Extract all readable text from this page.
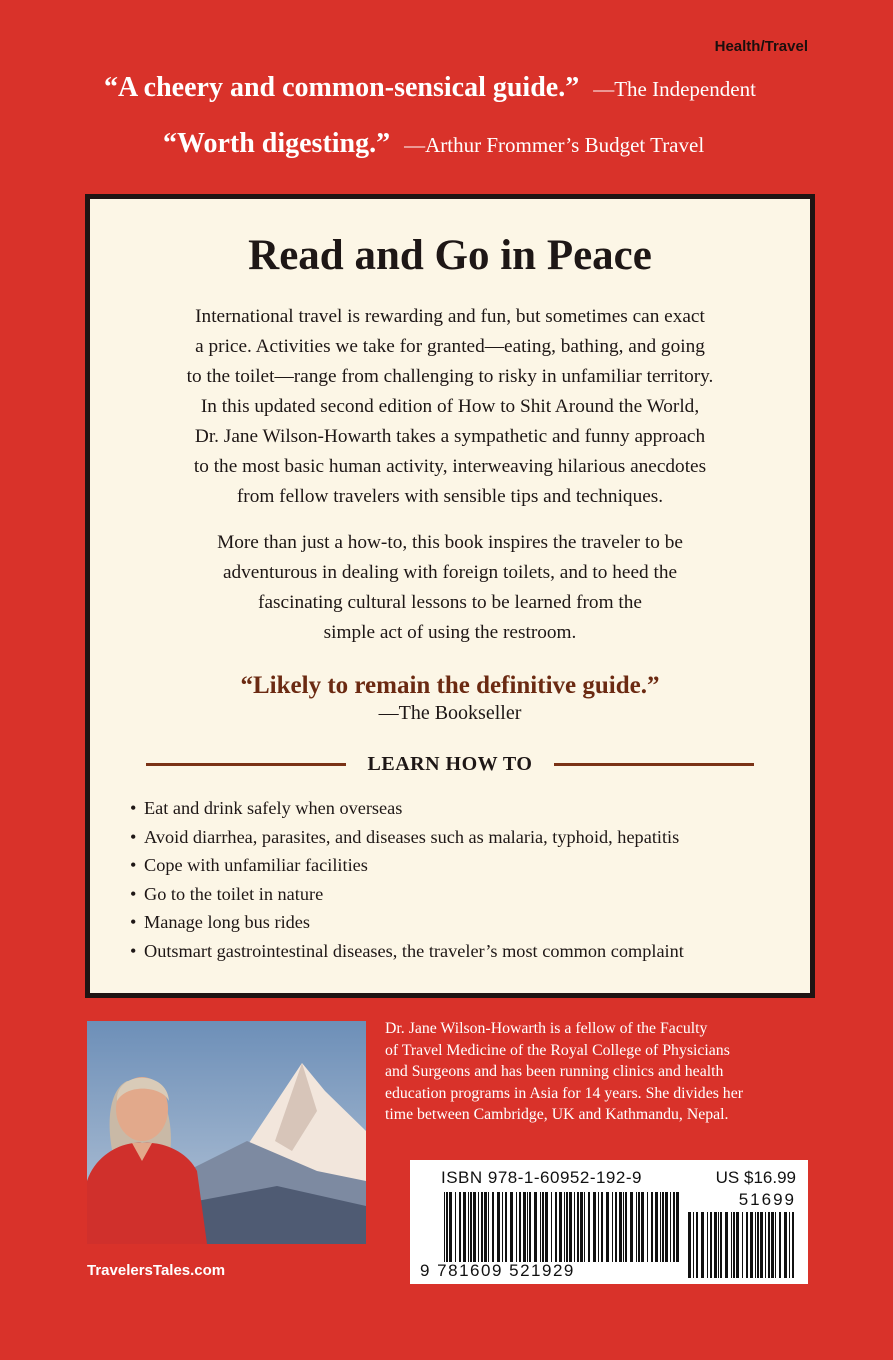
Health/Travel
“A cheery and common-sensical guide.” —The Independent
“Worth digesting.” —Arthur Frommer’s Budget Travel
Read and Go in Peace
International travel is rewarding and fun, but sometimes can exact
a price. Activities we take for granted—eating, bathing, and going
to the toilet—range from challenging to risky in unfamiliar territory.
In this updated second edition of How to Shit Around the World,
Dr. Jane Wilson-Howarth takes a sympathetic and funny approach
to the most basic human activity, interweaving hilarious anecdotes
from fellow travelers with sensible tips and techniques.
More than just a how-to, this book inspires the traveler to be
adventurous in dealing with foreign toilets, and to heed the
fascinating cultural lessons to be learned from the
simple act of using the restroom.
“Likely to remain the definitive guide.”
—The Bookseller
LEARN HOW TO
• Eat and drink safely when overseas
• Avoid diarrhea, parasites, and diseases such as malaria, typhoid, hepatitis
• Cope with unfamiliar facilities
• Go to the toilet in nature
• Manage long bus rides
• Outsmart gastrointestinal diseases, the traveler’s most common complaint
Dr. Jane Wilson-Howarth is a fellow of the Faculty
of Travel Medicine of the Royal College of Physicians
and Surgeons and has been running clinics and health
education programs in Asia for 14 years. She divides her
time between Cambridge, UK and Kathmandu, Nepal.
TravelersTales.com
ISBN 978-1-60952-192-9	US $16.99
51699
9 781609 521929
